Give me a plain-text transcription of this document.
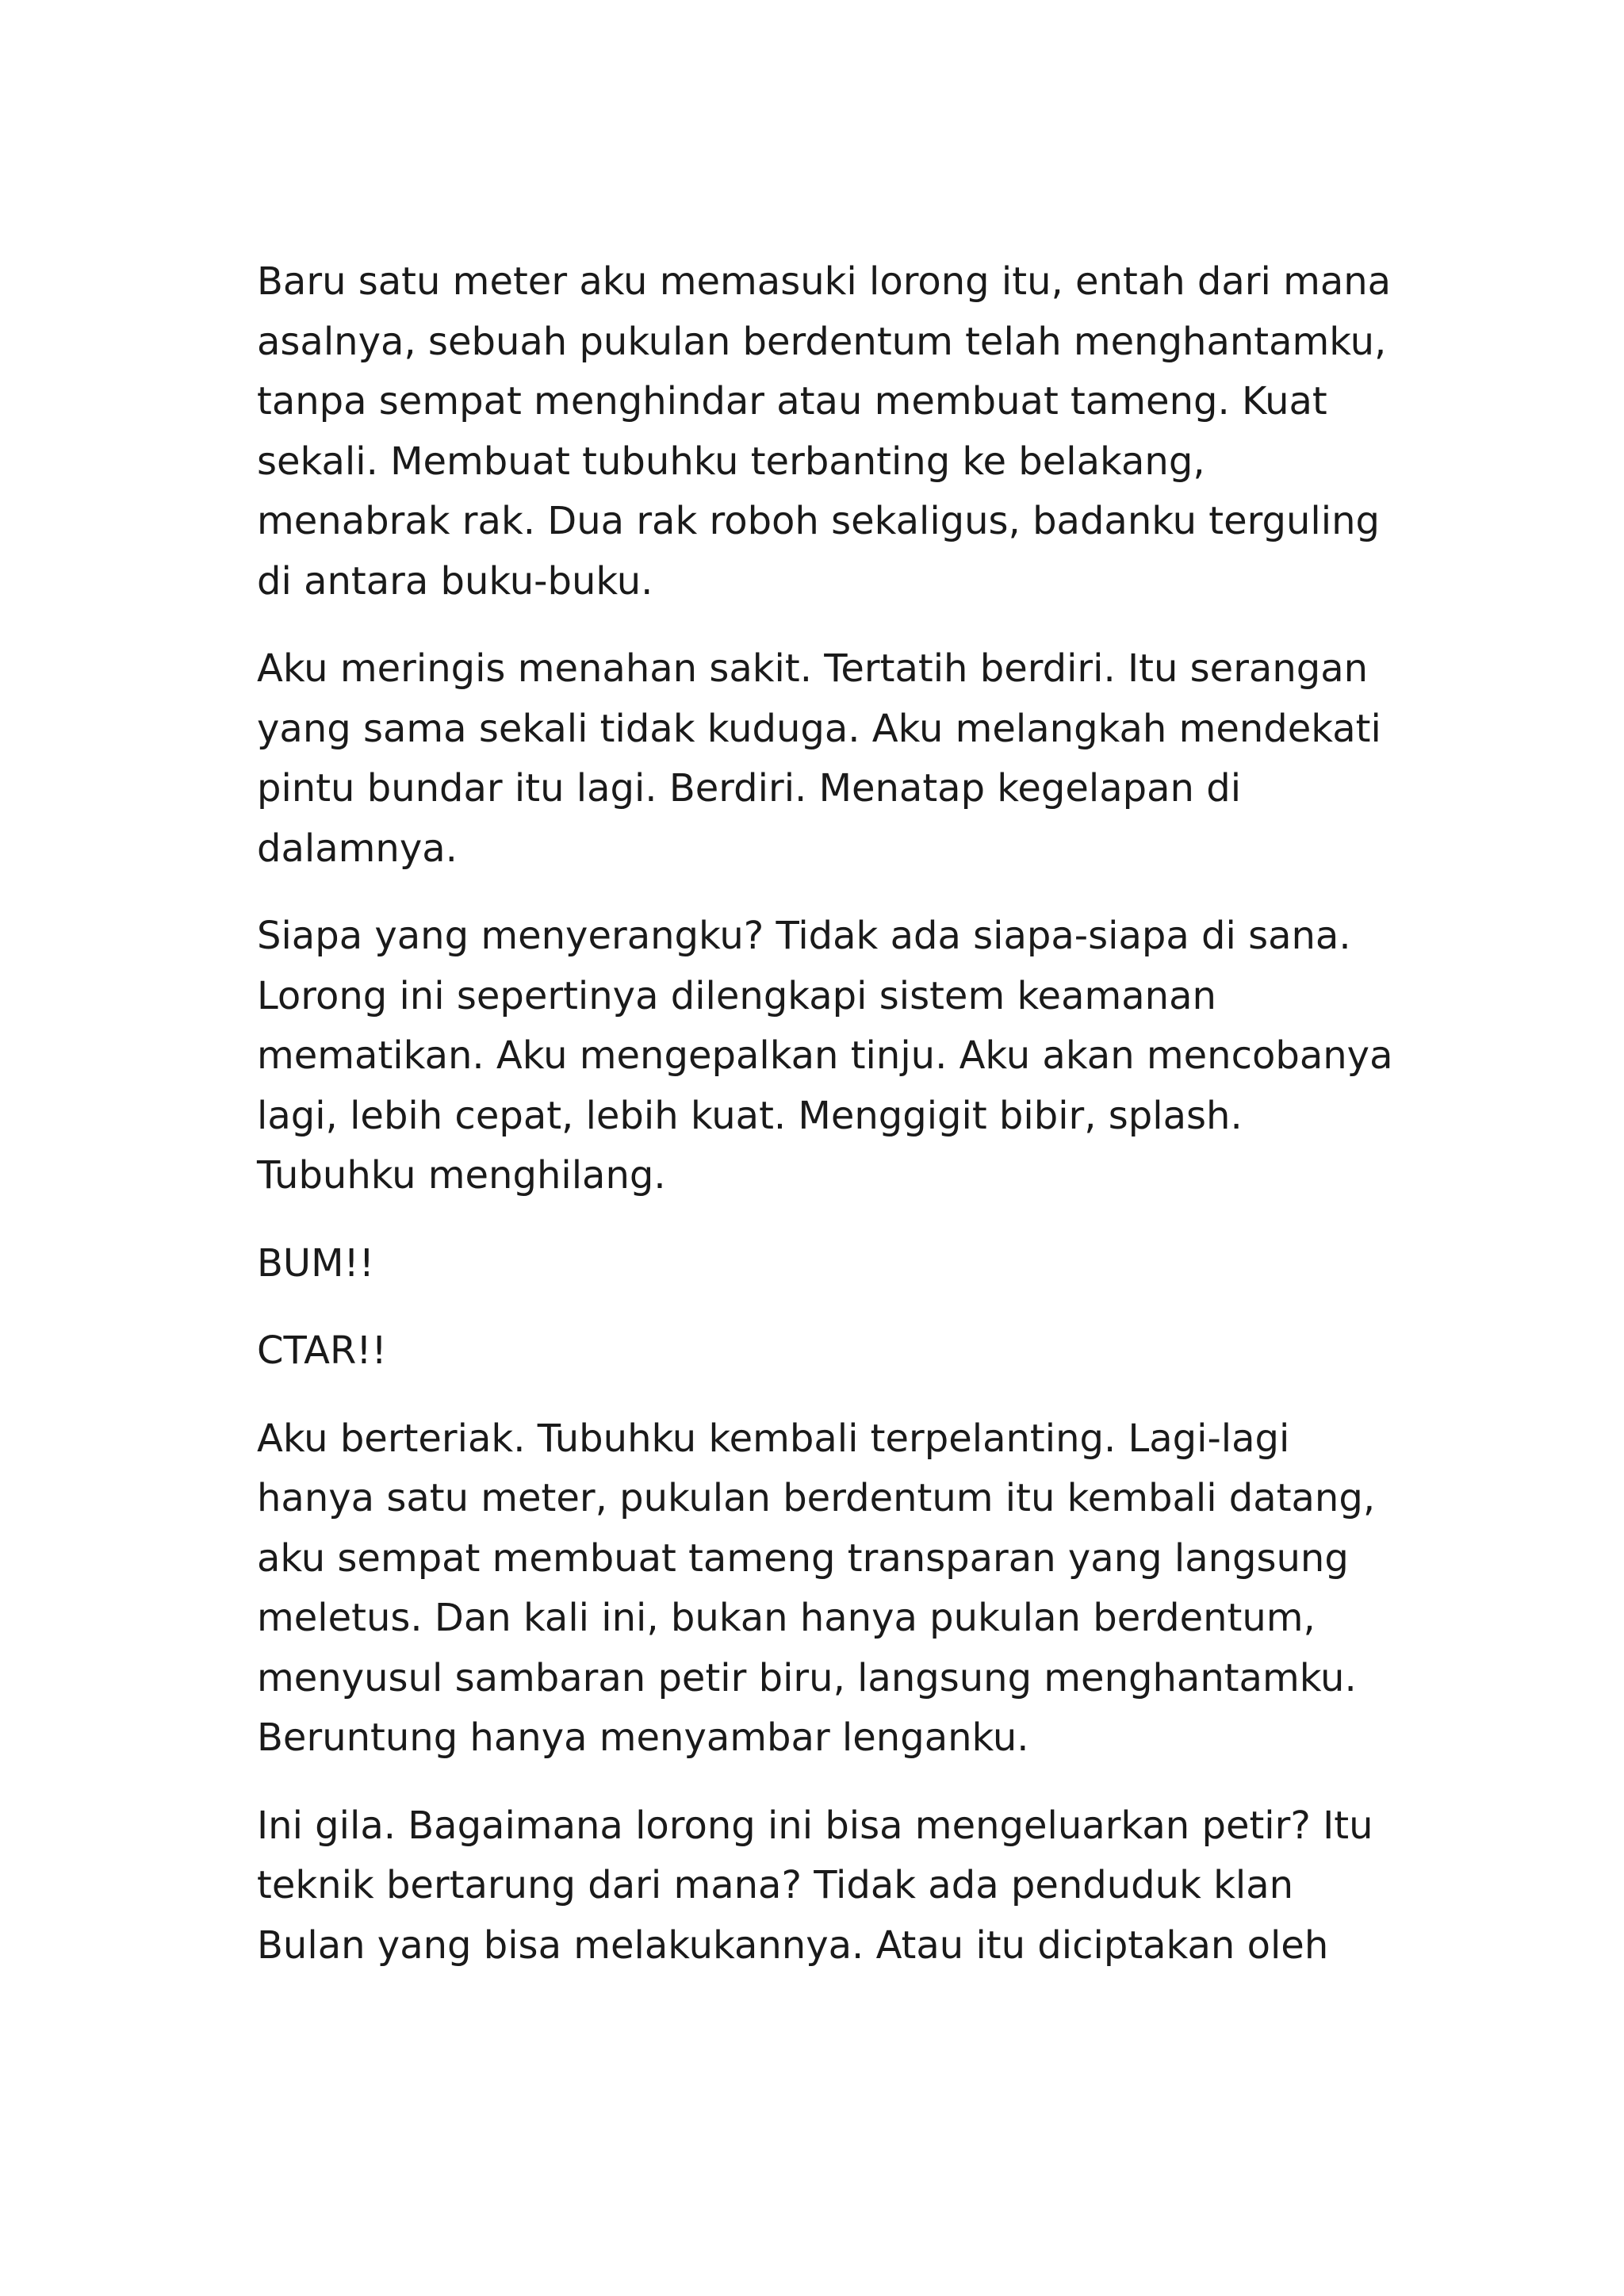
Baru satu meter aku memasuki lorong itu, entah dari mana
asalnya, sebuah pukulan berdentum telah menghantamku,
tanpa sempat menghindar atau membuat tameng. Kuat
sekali. Membuat tubuhku terbanting ke belakang,
menabrak rak. Dua rak roboh sekaligus, badanku terguling
di antara buku-buku.

Aku meringis menahan sakit. Tertatih berdiri. Itu serangan
yang sama sekali tidak kuduga. Aku melangkah mendekati
pintu bundar itu lagi. Berdiri. Menatap kegelapan di
dalamnya.

Siapa yang menyerangku? Tidak ada siapa-siapa di sana.
Lorong ini sepertinya dilengkapi sistem keamanan
mematikan. Aku mengepalkan tinju. Aku akan mencobanya
lagi, lebih cepat, lebih kuat. Menggigit bibir, splash.
Tubuhku menghilang.

BUM!!

CTAR!!

Aku berteriak. Tubuhku kembali terpelanting. Lagi-lagi
hanya satu meter, pukulan berdentum itu kembali datang,
aku sempat membuat tameng transparan yang langsung
meletus. Dan kali ini, bukan hanya pukulan berdentum,
menyusul sambaran petir biru, langsung menghantamku.
Beruntung hanya menyambar lenganku.

Ini gila. Bagaimana lorong ini bisa mengeluarkan petir? Itu
teknik bertarung dari mana? Tidak ada penduduk klan
Bulan yang bisa melakukannya. Atau itu diciptakan oleh
